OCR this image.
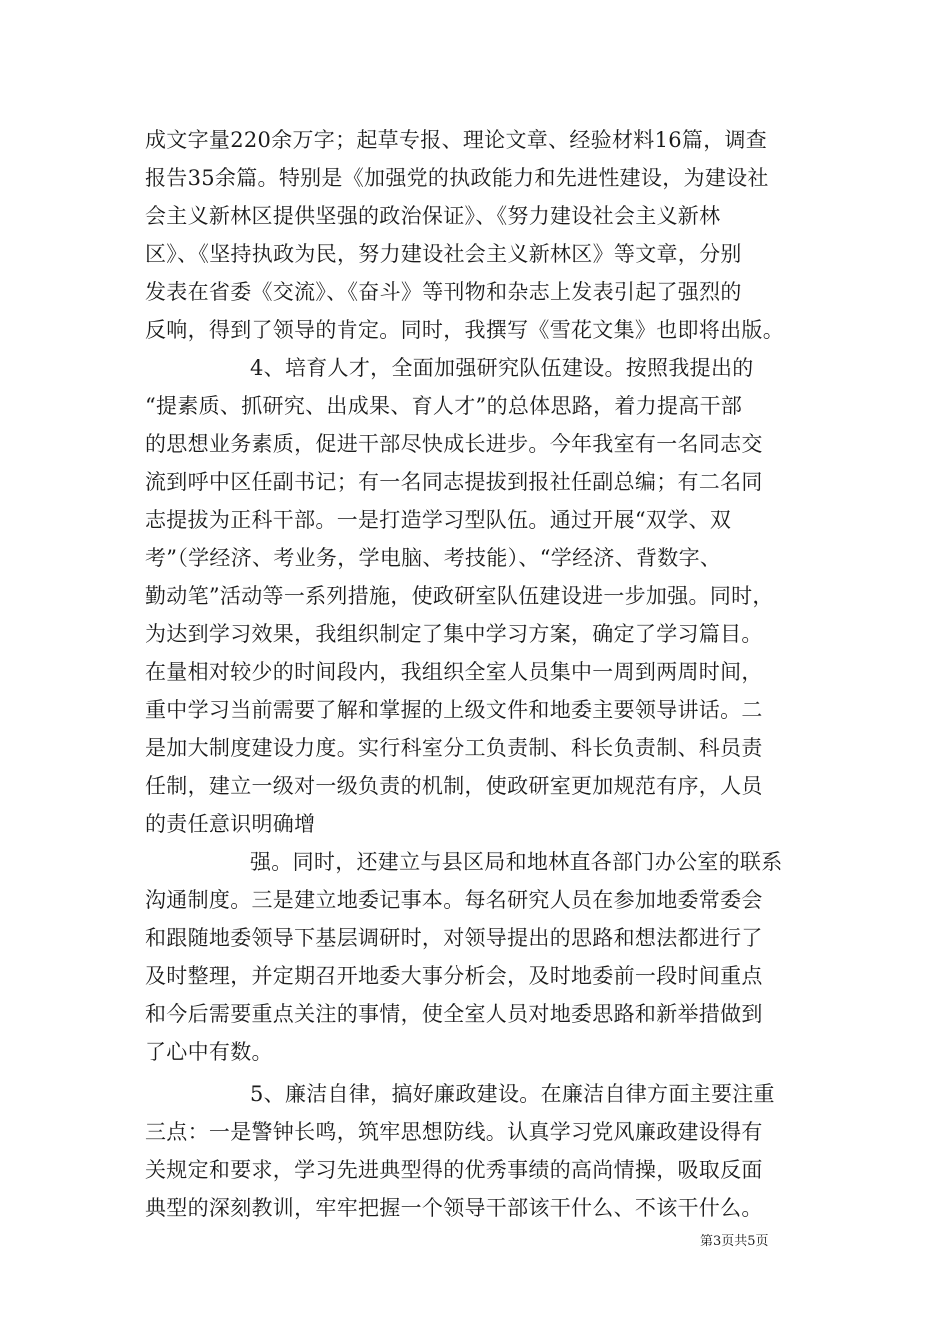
成文字量220余万字；起草专报、理论文章、经验材料16篇，调查
报告35余篇。特别是《加强党的执政能力和先进性建设，为建设社
会主义新林区提供坚强的政治保证》、《努力建设社会主义新林
区》、《坚持执政为民，努力建设社会主义新林区》等文章，分别
发表在省委《交流》、《奋斗》等刊物和杂志上发表引起了强烈的
反响，得到了领导的肯定。同时，我撰写《雪花文集》也即将出版。
4、培育人才，全面加强研究队伍建设。按照我提出的
“提素质、抓研究、出成果、育人才”的总体思路，着力提高干部
的思想业务素质，促进干部尽快成长进步。今年我室有一名同志交
流到呼中区任副书记；有一名同志提拔到报社任副总编；有二名同
志提拔为正科干部。一是打造学习型队伍。通过开展“双学、双
考”（学经济、考业务，学电脑、考技能）、“学经济、背数字、
勤动笔”活动等一系列措施，使政研室队伍建设进一步加强。同时，
为达到学习效果，我组织制定了集中学习方案，确定了学习篇目。
在量相对较少的时间段内，我组织全室人员集中一周到两周时间，
重中学习当前需要了解和掌握的上级文件和地委主要领导讲话。二
是加大制度建设力度。实行科室分工负责制、科长负责制、科员责
任制，建立一级对一级负责的机制，使政研室更加规范有序，人员
的责任意识明确增
强。同时，还建立与县区局和地林直各部门办公室的联系
沟通制度。三是建立地委记事本。每名研究人员在参加地委常委会
和跟随地委领导下基层调研时，对领导提出的思路和想法都进行了
及时整理，并定期召开地委大事分析会，及时地委前一段时间重点
和今后需要重点关注的事情，使全室人员对地委思路和新举措做到
了心中有数。
5、廉洁自律，搞好廉政建设。在廉洁自律方面主要注重
三点：一是警钟长鸣，筑牢思想防线。认真学习党风廉政建设得有
关规定和要求，学习先进典型得的优秀事绩的高尚情操，吸取反面
典型的深刻教训，牢牢把握一个领导干部该干什么、不该干什么。
第3页共5页
